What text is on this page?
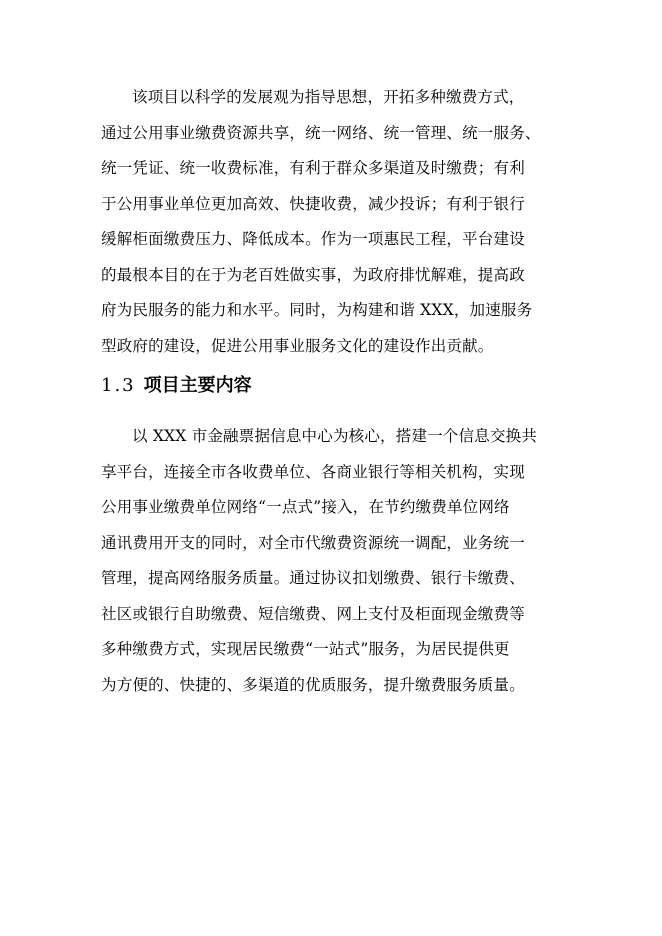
该项目以科学的发展观为指导思想，开拓多种缴费方式，
通过公用事业缴费资源共享，统一网络、统一管理、统一服务、
统一凭证、统一收费标准，有利于群众多渠道及时缴费；有利
于公用事业单位更加高效、快捷收费，减少投诉；有利于银行
缓解柜面缴费压力、降低成本。作为一项惠民工程，平台建设
的最根本目的在于为老百姓做实事，为政府排忧解难，提高政
府为民服务的能力和水平。同时，为构建和谐 XXX，加速服务
型政府的建设，促进公用事业服务文化的建设作出贡献。
1.3 项目主要内容
以 XXX 市金融票据信息中心为核心，搭建一个信息交换共
享平台，连接全市各收费单位、各商业银行等相关机构，实现
公用事业缴费单位网络“一点式”接入，在节约缴费单位网络
通讯费用开支的同时，对全市代缴费资源统一调配，业务统一
管理，提高网络服务质量。通过协议扣划缴费、银行卡缴费、
社区或银行自助缴费、短信缴费、网上支付及柜面现金缴费等
多种缴费方式，实现居民缴费“一站式”服务，为居民提供更
为方便的、快捷的、多渠道的优质服务，提升缴费服务质量。
